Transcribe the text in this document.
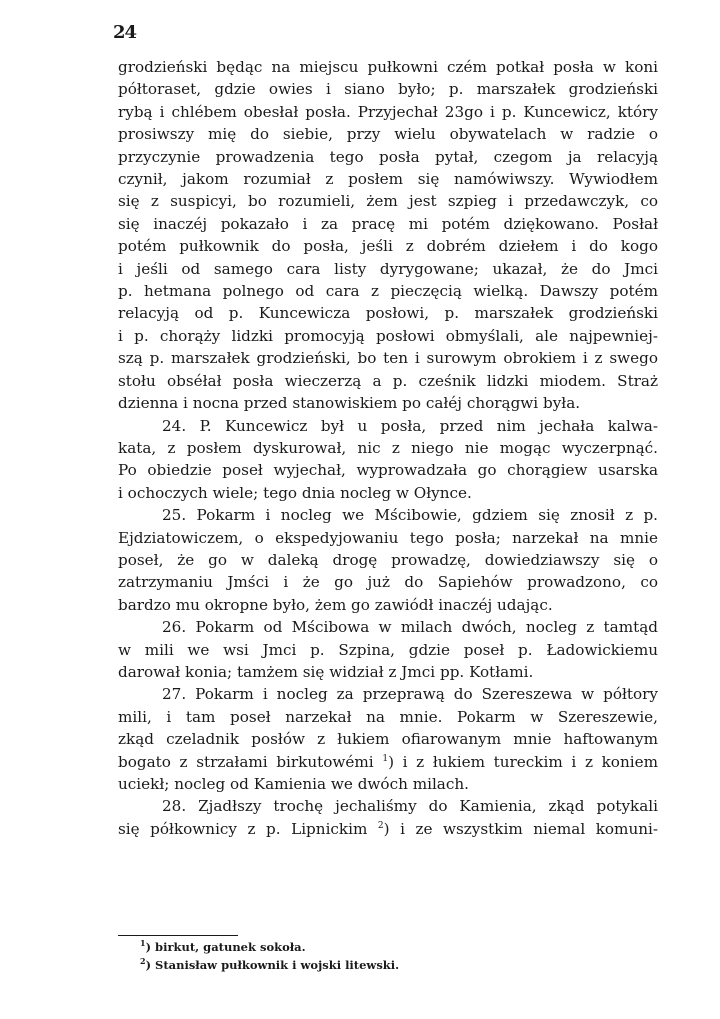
24
grodzieński będąc na miejscu pułkowni czém potkał posła w koni
półtoraset, gdzie owies i siano było; p. marszałek grodzieński
rybą i chlébem obesłał posła. Przyjechał 23go i p. Kuncewicz, który
prosiwszy mię do siebie, przy wielu obywatelach w radzie o
przyczynie prowadzenia tego posła pytał, czegom ja relacyją
czynił, jakom rozumiał z posłem się namówiwszy. Wywiodłem
się z suspicyi, bo rozumieli, żem jest szpieg i przedawczyk, co
się inaczéj pokazało i za pracę mi potém dziękowano. Posłał
potém pułkownik do posła, jeśli z dobrém dziełem i do kogo
i jeśli od samego cara listy dyrygowane; ukazał, że do Jmci
p. hetmana polnego od cara z pieczęcią wielką. Dawszy potém
relacyją od p. Kuncewicza posłowi, p. marszałek grodzieński
i p. chorąży lidzki promocyją posłowi obmyślali, ale najpewniej-
szą p. marszałek grodzieński, bo ten i surowym obrokiem i z swego
stołu obséłał posła wieczerzą a p. cześnik lidzki miodem. Straż
dzienna i nocna przed stanowiskiem po całéj chorągwi była.
24. P. Kuncewicz był u posła, przed nim jechała kalwa-
kata, z posłem dyskurował, nic z niego nie mogąc wyczerpnąć.
Po obiedzie poseł wyjechał, wyprowadzała go chorągiew usarska
i ochoczych wiele; tego dnia nocleg w Ołynce.
25. Pokarm i nocleg we Mścibowie, gdziem się znosił z p.
Ejdziatowiczem, o ekspedyjowaniu tego posła; narzekał na mnie
poseł, że go w daleką drogę prowadzę, dowiedziawszy się o
zatrzymaniu Jmści i że go już do Sapiehów prowadzono, co
bardzo mu okropne było, żem go zawiódł inaczéj udając.
26. Pokarm od Mścibowa w milach dwóch, nocleg z tamtąd
w mili we wsi Jmci p. Szpina, gdzie poseł p. Ładowickiemu
darował konia; tamżem się widział z Jmci pp. Kotłami.
27. Pokarm i nocleg za przeprawą do Szereszewa w półtory
mili, i tam poseł narzekał na mnie. Pokarm w Szereszewie,
zkąd czeladnik posłów z łukiem ofiarowanym mnie haftowanym
bogato z strzałami birkutowémi $^1$) i z łukiem tureckim i z koniem
uciekł; nocleg od Kamienia we dwóch milach.
28. Zjadłszy trochę jechaliśmy do Kamienia, zkąd potykali
się półkownicy z p. Lipnickim $^2$) i ze wszystkim niemal komuni-
$^1$) birkut, gatunek sokoła.
$^2$) Stanisław pułkownik i wojski litewski.
